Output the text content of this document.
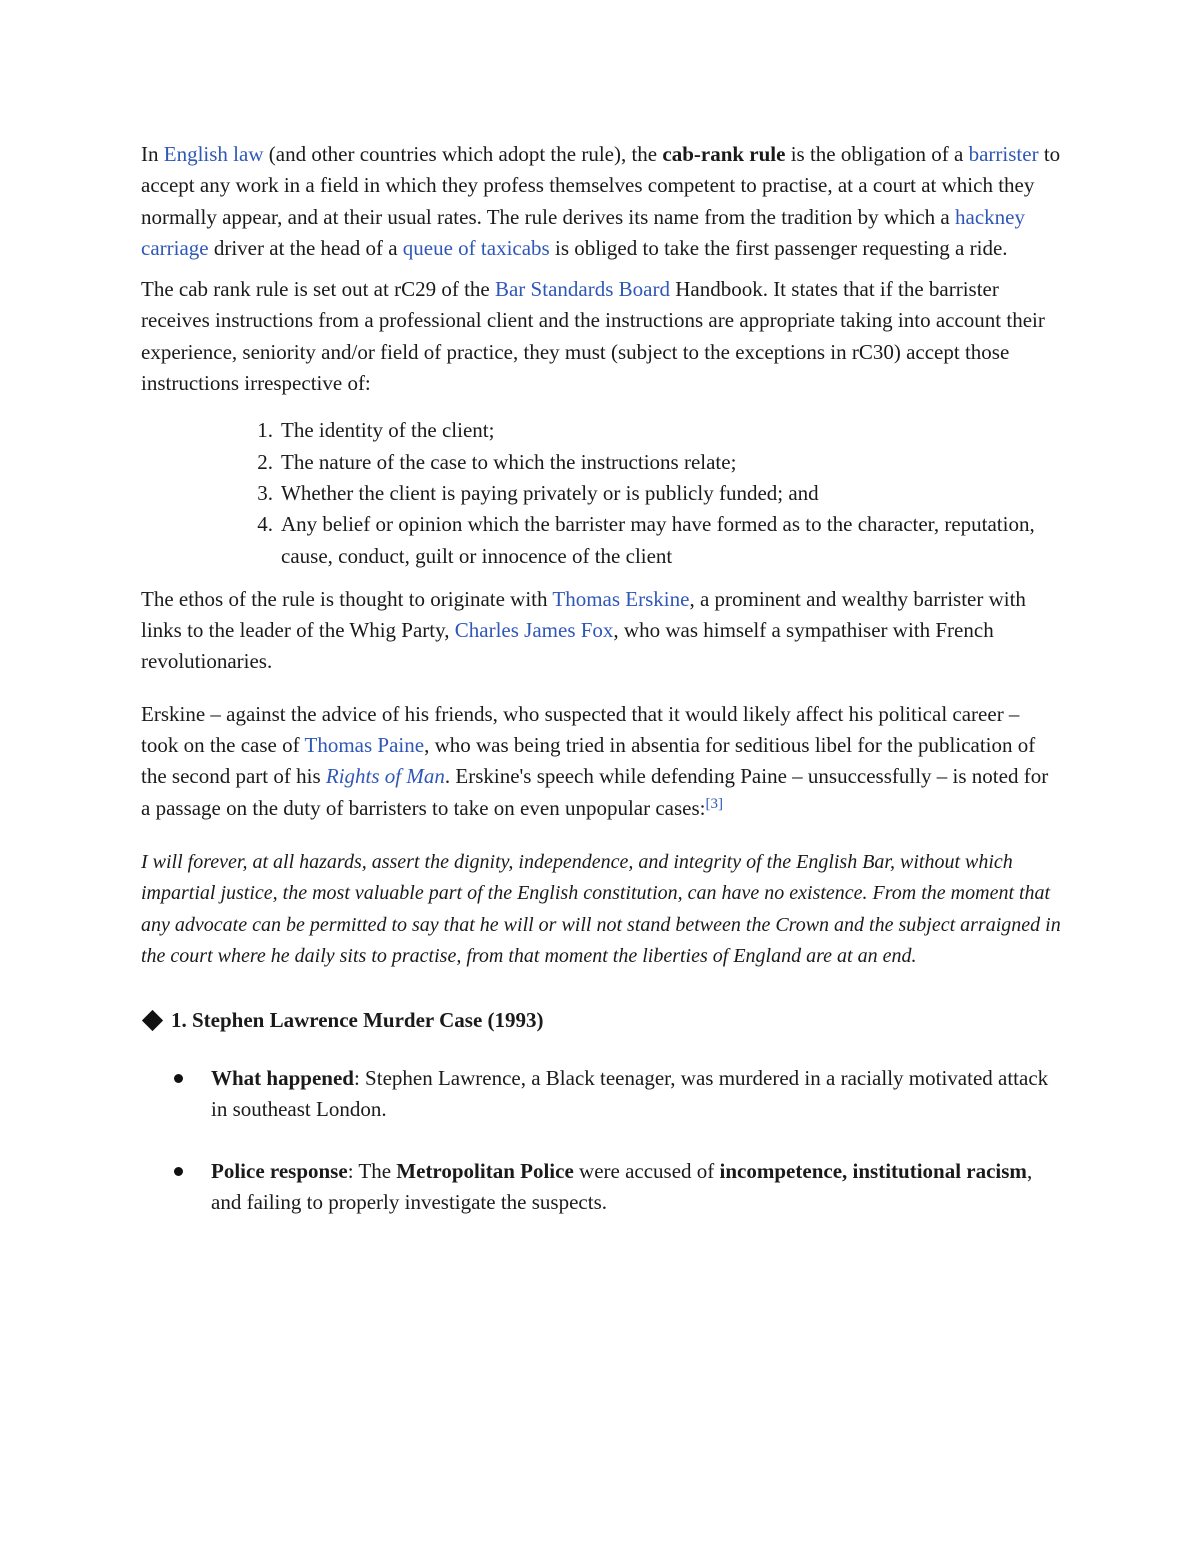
In English law (and other countries which adopt the rule), the cab-rank rule is the obligation of a barrister to accept any work in a field in which they profess themselves competent to practise, at a court at which they normally appear, and at their usual rates. The rule derives its name from the tradition by which a hackney carriage driver at the head of a queue of taxicabs is obliged to take the first passenger requesting a ride.

The cab rank rule is set out at rC29 of the Bar Standards Board Handbook. It states that if the barrister receives instructions from a professional client and the instructions are appropriate taking into account their experience, seniority and/or field of practice, they must (subject to the exceptions in rC30) accept those instructions irrespective of:

1. The identity of the client;
2. The nature of the case to which the instructions relate;
3. Whether the client is paying privately or is publicly funded; and
4. Any belief or opinion which the barrister may have formed as to the character, reputation, cause, conduct, guilt or innocence of the client

The ethos of the rule is thought to originate with Thomas Erskine, a prominent and wealthy barrister with links to the leader of the Whig Party, Charles James Fox, who was himself a sympathiser with French revolutionaries.

Erskine – against the advice of his friends, who suspected that it would likely affect his political career – took on the case of Thomas Paine, who was being tried in absentia for seditious libel for the publication of the second part of his Rights of Man. Erskine's speech while defending Paine – unsuccessfully – is noted for a passage on the duty of barristers to take on even unpopular cases:[3]

I will forever, at all hazards, assert the dignity, independence, and integrity of the English Bar, without which impartial justice, the most valuable part of the English constitution, can have no existence. From the moment that any advocate can be permitted to say that he will or will not stand between the Crown and the subject arraigned in the court where he daily sits to practise, from that moment the liberties of England are at an end.

1. Stephen Lawrence Murder Case (1993)
What happened: Stephen Lawrence, a Black teenager, was murdered in a racially motivated attack in southeast London.
Police response: The Metropolitan Police were accused of incompetence, institutional racism, and failing to properly investigate the suspects.
